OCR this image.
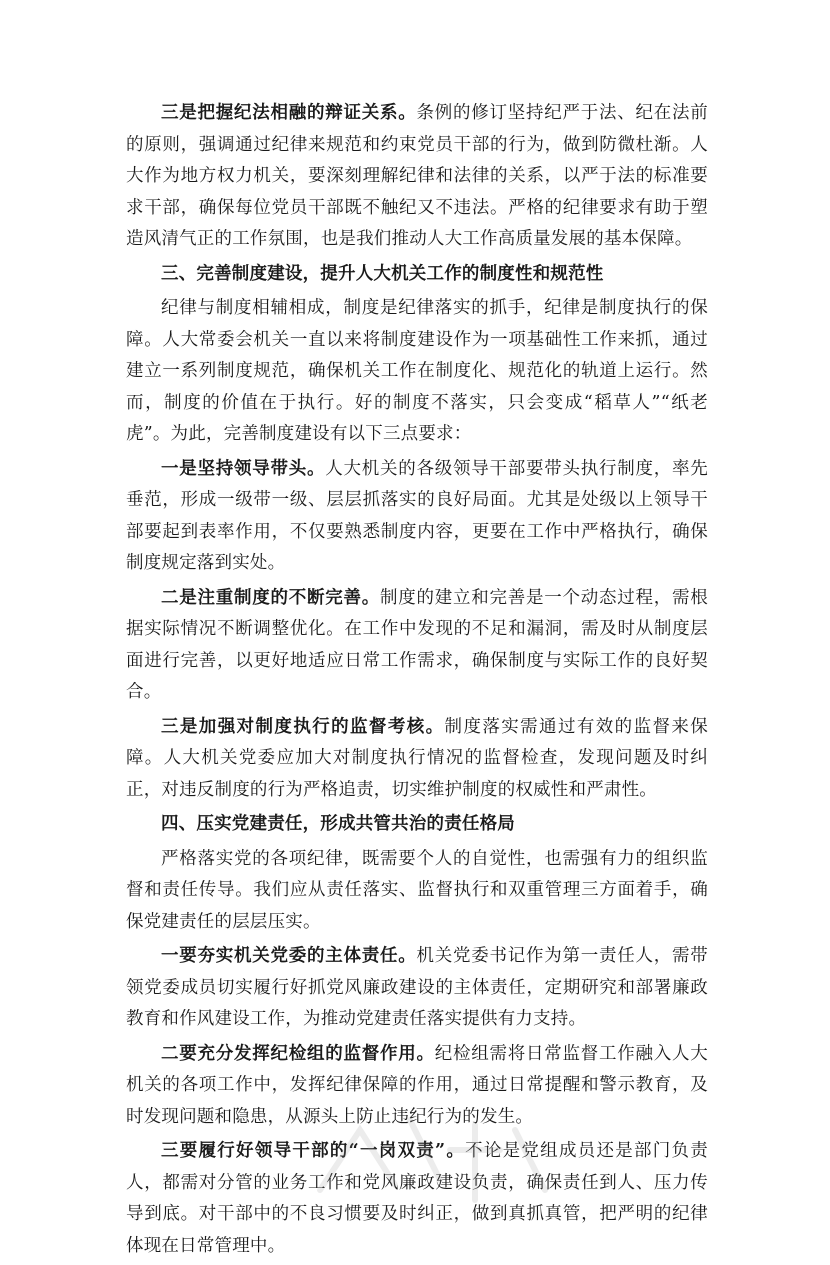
三是把握纪法相融的辩证关系。条例的修订坚持纪严于法、纪在法前的原则，强调通过纪律来规范和约束党员干部的行为，做到防微杜渐。人大作为地方权力机关，要深刻理解纪律和法律的关系，以严于法的标准要求干部，确保每位党员干部既不触纪又不违法。严格的纪律要求有助于塑造风清气正的工作氛围，也是我们推动人大工作高质量发展的基本保障。

三、完善制度建设，提升人大机关工作的制度性和规范性

纪律与制度相辅相成，制度是纪律落实的抓手，纪律是制度执行的保障。人大常委会机关一直以来将制度建设作为一项基础性工作来抓，通过建立一系列制度规范，确保机关工作在制度化、规范化的轨道上运行。然而，制度的价值在于执行。好的制度不落实，只会变成“稻草人”“纸老虎”。为此，完善制度建设有以下三点要求：

一是坚持领导带头。人大机关的各级领导干部要带头执行制度，率先垂范，形成一级带一级、层层抓落实的良好局面。尤其是处级以上领导干部要起到表率作用，不仅要熟悉制度内容，更要在工作中严格执行，确保制度规定落到实处。

二是注重制度的不断完善。制度的建立和完善是一个动态过程，需根据实际情况不断调整优化。在工作中发现的不足和漏洞，需及时从制度层面进行完善，以更好地适应日常工作需求，确保制度与实际工作的良好契合。

三是加强对制度执行的监督考核。制度落实需通过有效的监督来保障。人大机关党委应加大对制度执行情况的监督检查，发现问题及时纠正，对违反制度的行为严格追责，切实维护制度的权威性和严肃性。

四、压实党建责任，形成共管共治的责任格局

严格落实党的各项纪律，既需要个人的自觉性，也需强有力的组织监督和责任传导。我们应从责任落实、监督执行和双重管理三方面着手，确保党建责任的层层压实。

一要夯实机关党委的主体责任。机关党委书记作为第一责任人，需带领党委成员切实履行好抓党风廉政建设的主体责任，定期研究和部署廉政教育和作风建设工作，为推动党建责任落实提供有力支持。

二要充分发挥纪检组的监督作用。纪检组需将日常监督工作融入人大机关的各项工作中，发挥纪律保障的作用，通过日常提醒和警示教育，及时发现问题和隐患，从源头上防止违纪行为的发生。

三要履行好领导干部的“一岗双责”。不论是党组成员还是部门负责人，都需对分管的业务工作和党风廉政建设负责，确保责任到人、压力传导到底。对干部中的不良习惯要及时纠正，做到真抓真管，把严明的纪律体现在日常管理中。
